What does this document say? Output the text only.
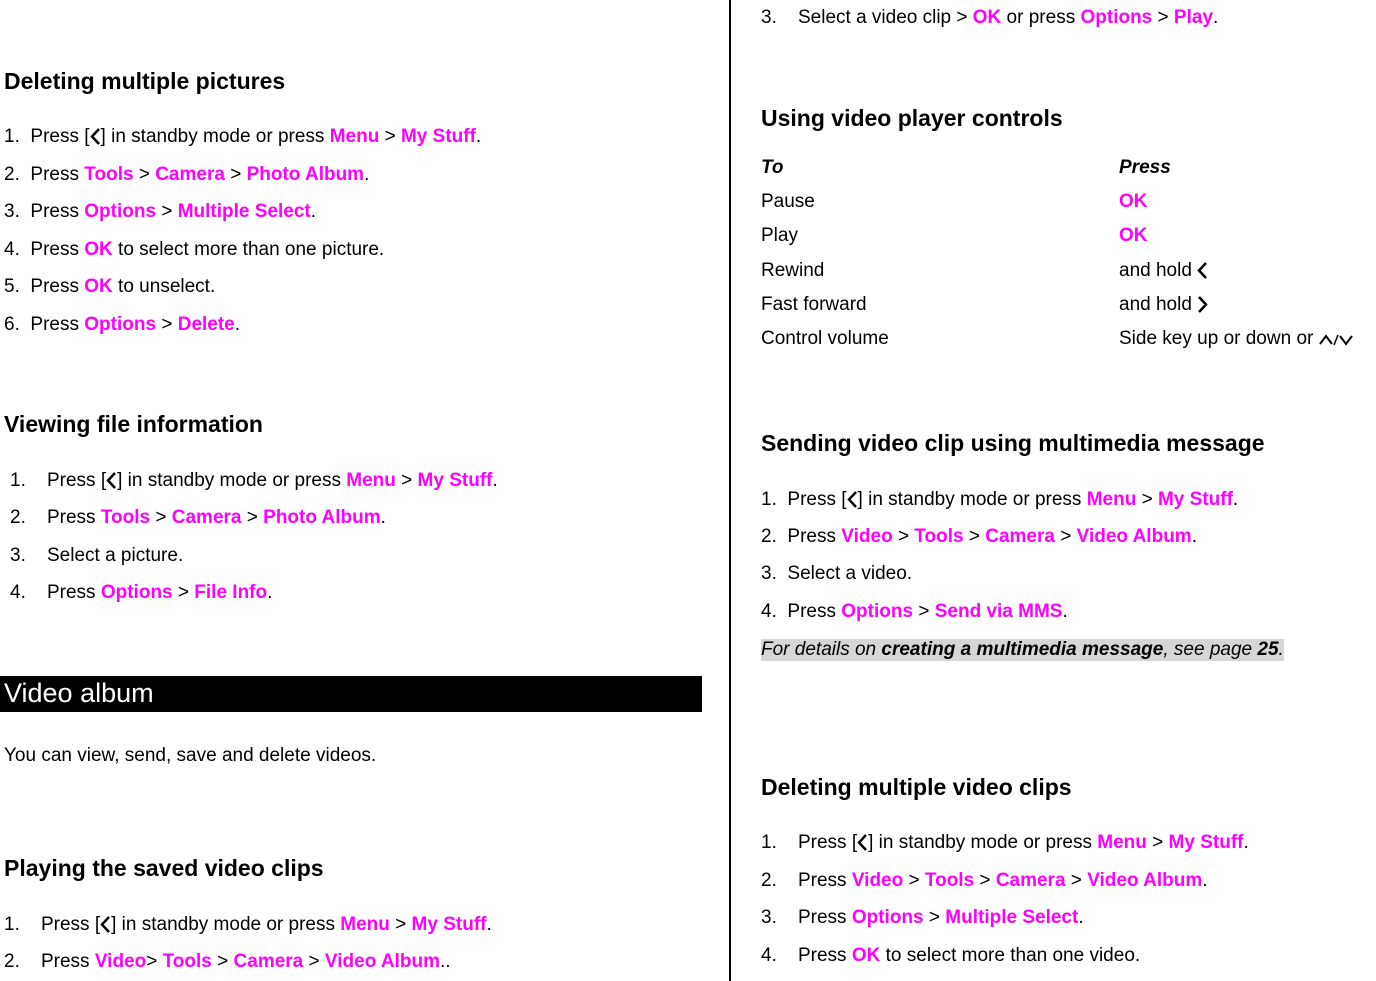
Deleting multiple pictures
1. Press [ ] in standby mode or press Menu > My Stuff.
2. Press Tools > Camera > Photo Album.
3. Press Options > Multiple Select.
4. Press OK to select more than one picture.
5. Press OK to unselect.
6. Press Options > Delete.
Viewing file information
1. Press [ ] in standby mode or press Menu > My Stuff.
2. Press Tools > Camera > Photo Album.
3. Select a picture.
4. Press Options > File Info.
Video album
You can view, send, save and delete videos.
Playing the saved video clips
1. Press [ ] in standby mode or press Menu > My Stuff.
2. Press Video> Tools > Camera > Video Album..
3. Select a video clip > OK or press Options > Play.
Using video player controls
To	Press
Pause	OK
Play	OK
Rewind	and hold
Fast forward	and hold
Control volume	Side key up or down or
Sending video clip using multimedia message
1. Press [ ] in standby mode or press Menu > My Stuff.
2. Press Video > Tools > Camera > Video Album.
3. Select a video.
4. Press Options > Send via MMS.
For details on creating a multimedia message, see page 25.
Deleting multiple video clips
1. Press [ ] in standby mode or press Menu > My Stuff.
2. Press Video > Tools > Camera > Video Album.
3. Press Options > Multiple Select.
4. Press OK to select more than one video.
